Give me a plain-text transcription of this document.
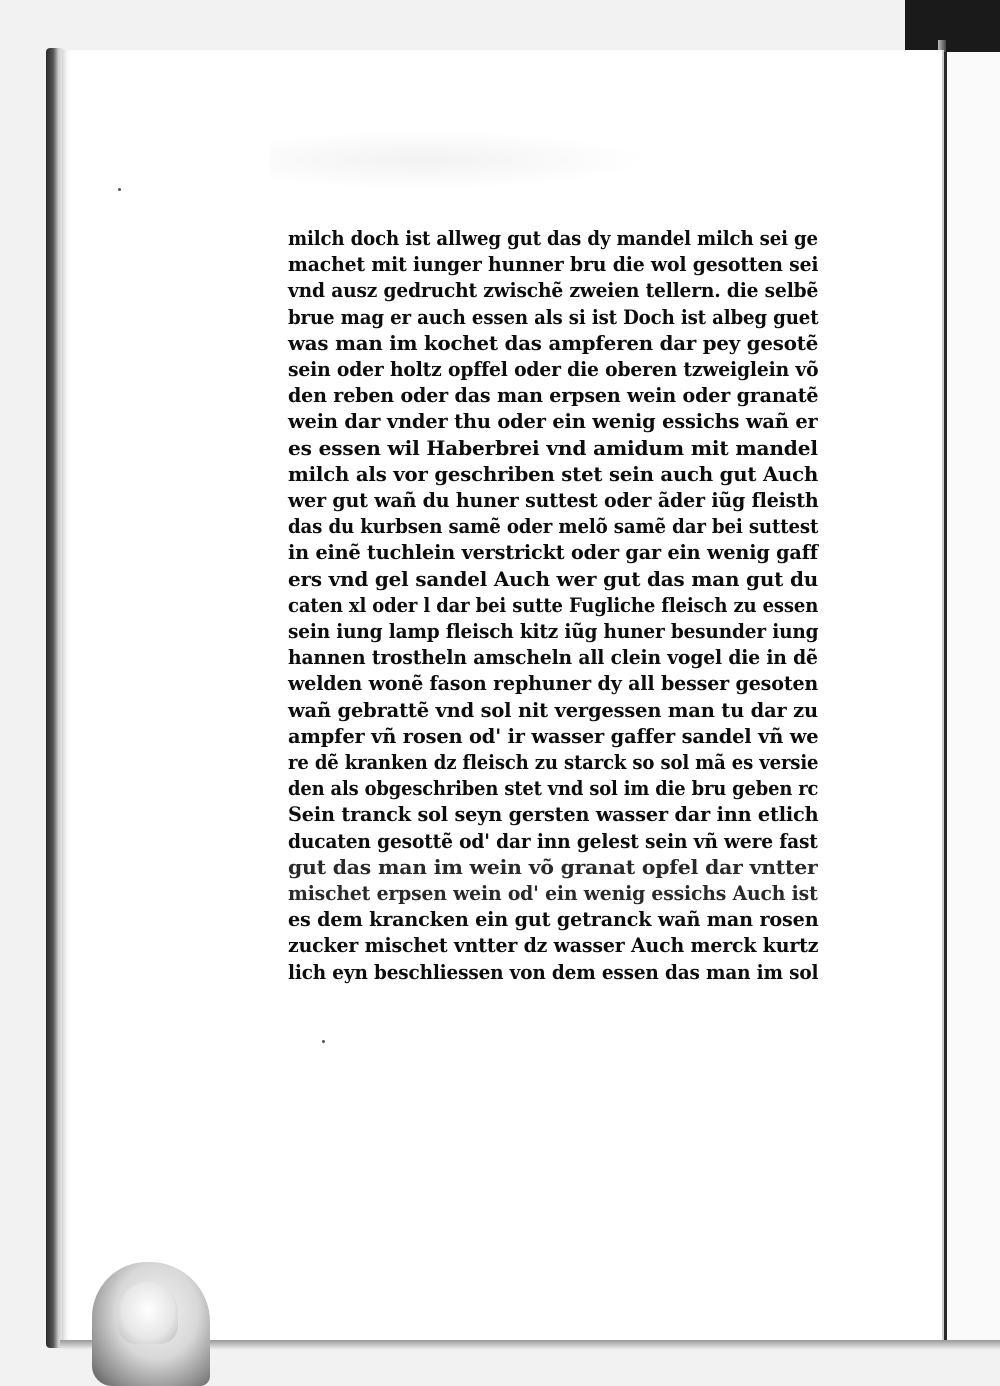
milch doch ist allweg gut das dy mandel milch sei ge
machet mit iunger hunner bru die wol gesotten sei
vnd ausz gedrucht zwischẽ zweien tellern. die selbẽ
brue mag er auch essen als si ist Doch ist albeg guet
was man im kochet das ampferen dar pey gesotẽ
sein oder holtz opffel oder die oberen tzweiglein võ
den reben oder das man erpsen wein oder granatẽ
wein dar vnder thu oder ein wenig essichs wañ er
es essen wil Haberbrei vnd amidum mit mandel
milch als vor geschriben stet sein auch gut Auch
wer gut wañ du huner suttest oder ãder iũg fleisth
das du kurbsen samẽ oder melõ samẽ dar bei suttest
in einẽ tuchlein verstrickt oder gar ein wenig gaff
ers vnd gel sandel Auch wer gut das man gut du
caten xl oder l dar bei sutte Fugliche fleisch zu essen
sein iung lamp fleisch kitz iũg huner besunder iung
hannen trostheln amscheln all clein vogel die in dẽ
welden wonẽ fason rephuner dy all besser gesoten
wañ gebrattẽ vnd sol nit vergessen man tu dar zu
ampfer vñ rosen od' ir wasser gaffer sandel vñ we
re dẽ kranken dz fleisch zu starck so sol mã es versie
den als obgeschriben stet vnd sol im die bru geben rc
Sein tranck sol seyn gersten wasser dar inn etlich
ducaten gesottẽ od' dar inn gelest sein vñ were fast
gut das man im wein võ granat opfel dar vntter
mischet erpsen wein od' ein wenig essichs Auch ist
es dem krancken ein gut getranck wañ man rosen
zucker mischet vntter dz wasser Auch merck kurtz
lich eyn beschliessen von dem essen das man im sol
